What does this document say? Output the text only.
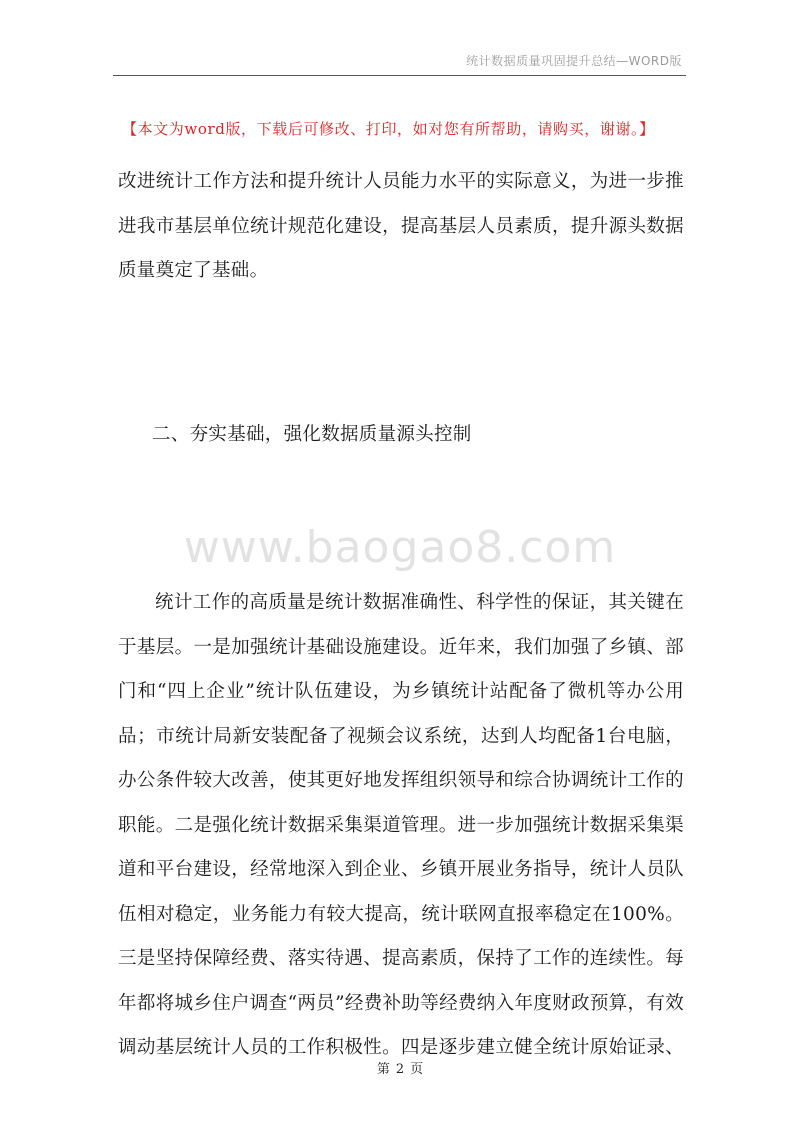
统计数据质量巩固提升总结—WORD版
【本文为word版，下载后可修改、打印，如对您有所帮助，请购买，谢谢。】
改进统计工作方法和提升统计人员能力水平的实际意义，为进一步推
进我市基层单位统计规范化建设，提高基层人员素质，提升源头数据
质量奠定了基础。
二、夯实基础，强化数据质量源头控制
www.baogao8.com
统计工作的高质量是统计数据准确性、科学性的保证，其关键在
于基层。一是加强统计基础设施建设。近年来，我们加强了乡镇、部
门和“四上企业”统计队伍建设，为乡镇统计站配备了微机等办公用
品；市统计局新安装配备了视频会议系统，达到人均配备1台电脑，
办公条件较大改善，使其更好地发挥组织领导和综合协调统计工作的
职能。二是强化统计数据采集渠道管理。进一步加强统计数据采集渠
道和平台建设，经常地深入到企业、乡镇开展业务指导，统计人员队
伍相对稳定，业务能力有较大提高，统计联网直报率稳定在100%。
三是坚持保障经费、落实待遇、提高素质，保持了工作的连续性。每
年都将城乡住户调查“两员”经费补助等经费纳入年度财政预算，有效
调动基层统计人员的工作积极性。四是逐步建立健全统计原始证录、
第 2 页
